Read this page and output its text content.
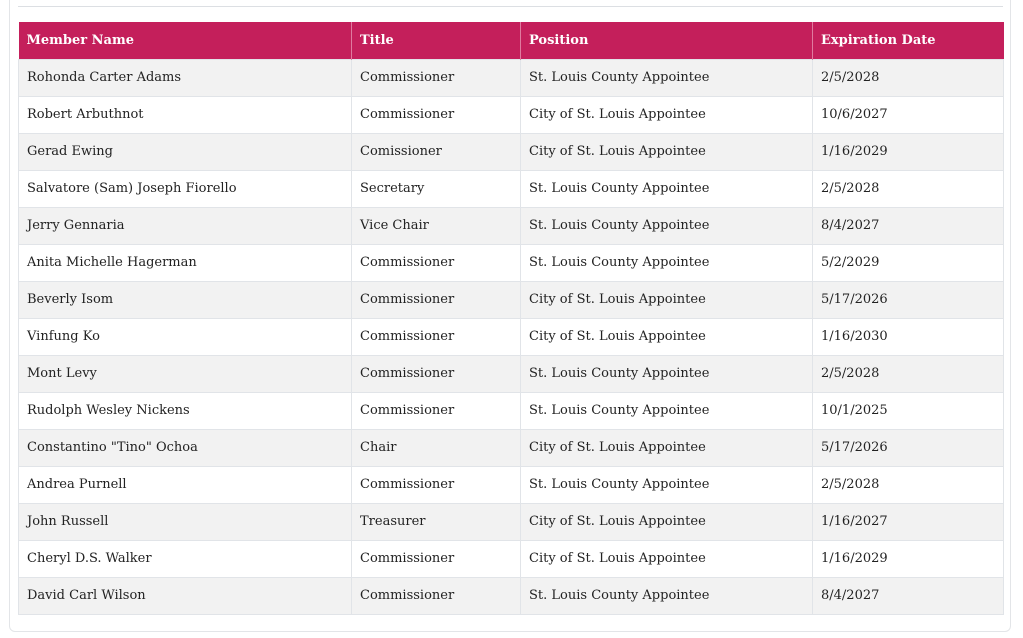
Member Name	Title	Position	Expiration Date
Rohonda Carter Adams	Commissioner	St. Louis County Appointee	2/5/2028
Robert Arbuthnot	Commissioner	City of St. Louis Appointee	10/6/2027
Gerad Ewing	Comissioner	City of St. Louis Appointee	1/16/2029
Salvatore (Sam) Joseph Fiorello	Secretary	St. Louis County Appointee	2/5/2028
Jerry Gennaria	Vice Chair	St. Louis County Appointee	8/4/2027
Anita Michelle Hagerman	Commissioner	St. Louis County Appointee	5/2/2029
Beverly Isom	Commissioner	City of St. Louis Appointee	5/17/2026
Vinfung Ko	Commissioner	City of St. Louis Appointee	1/16/2030
Mont Levy	Commissioner	St. Louis County Appointee	2/5/2028
Rudolph Wesley Nickens	Commissioner	St. Louis County Appointee	10/1/2025
Constantino "Tino" Ochoa	Chair	City of St. Louis Appointee	5/17/2026
Andrea Purnell	Commissioner	St. Louis County Appointee	2/5/2028
John Russell	Treasurer	City of St. Louis Appointee	1/16/2027
Cheryl D.S. Walker	Commissioner	City of St. Louis Appointee	1/16/2029
David Carl Wilson	Commissioner	St. Louis County Appointee	8/4/2027
